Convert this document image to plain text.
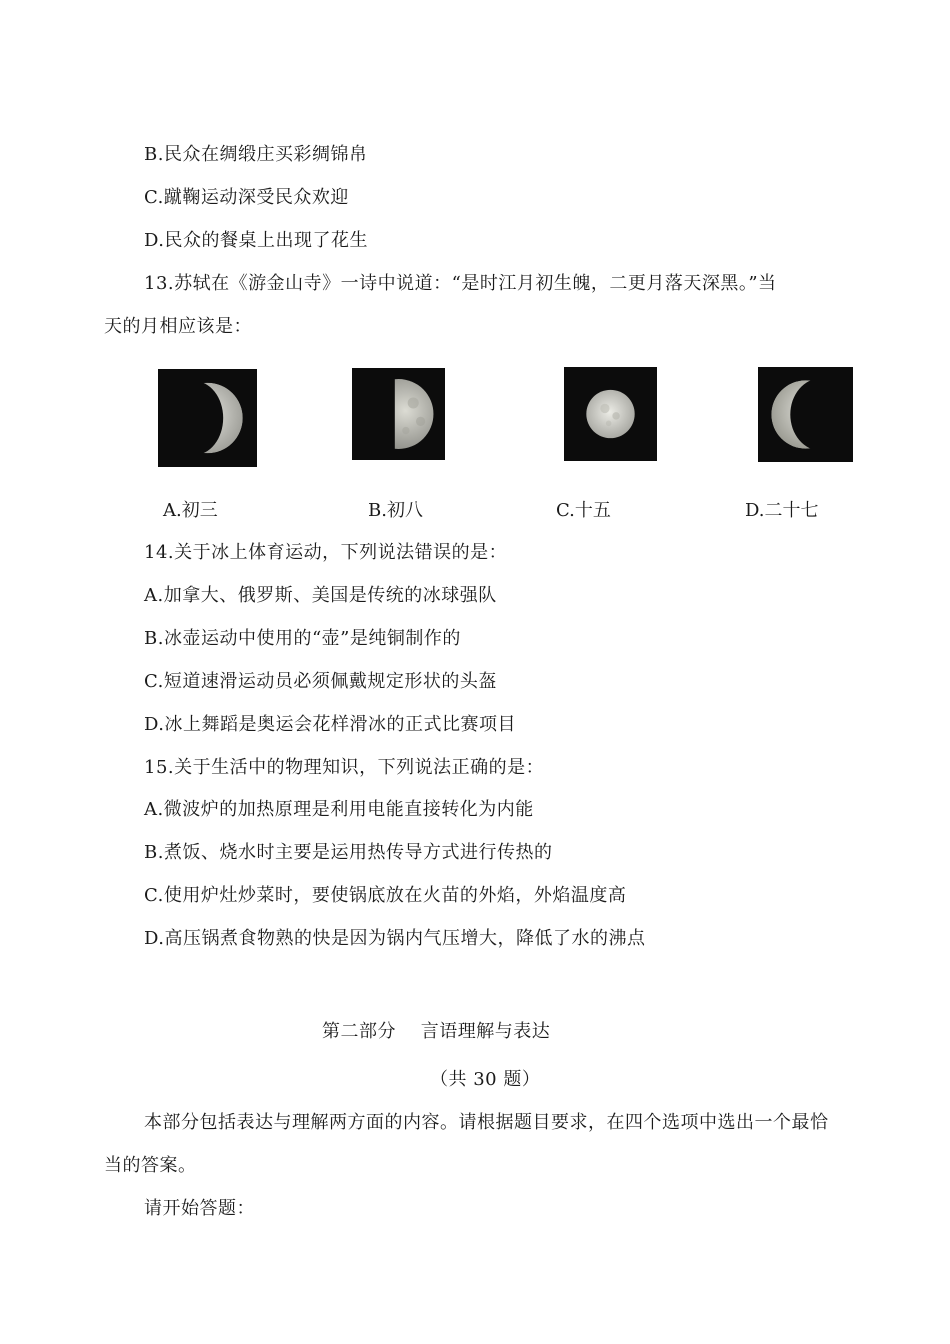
B.民众在绸缎庄买彩绸锦帛
C.蹴鞠运动深受民众欢迎
D.民众的餐桌上出现了花生
13.苏轼在《游金山寺》一诗中说道：“是时江月初生魄，二更月落天深黑。”当
天的月相应该是：
A.初三	B.初八	C.十五	D.二十七
14.关于冰上体育运动，下列说法错误的是：
A.加拿大、俄罗斯、美国是传统的冰球强队
B.冰壶运动中使用的“壶”是纯铜制作的
C.短道速滑运动员必须佩戴规定形状的头盔
D.冰上舞蹈是奥运会花样滑冰的正式比赛项目
15.关于生活中的物理知识，下列说法正确的是：
A.微波炉的加热原理是利用电能直接转化为内能
B.煮饭、烧水时主要是运用热传导方式进行传热的
C.使用炉灶炒菜时，要使锅底放在火苗的外焰，外焰温度高
D.高压锅煮食物熟的快是因为锅内气压增大，降低了水的沸点
第二部分　 言语理解与表达
（共 30 题）
本部分包括表达与理解两方面的内容。请根据题目要求，在四个选项中选出一个最恰
当的答案。
请开始答题：
